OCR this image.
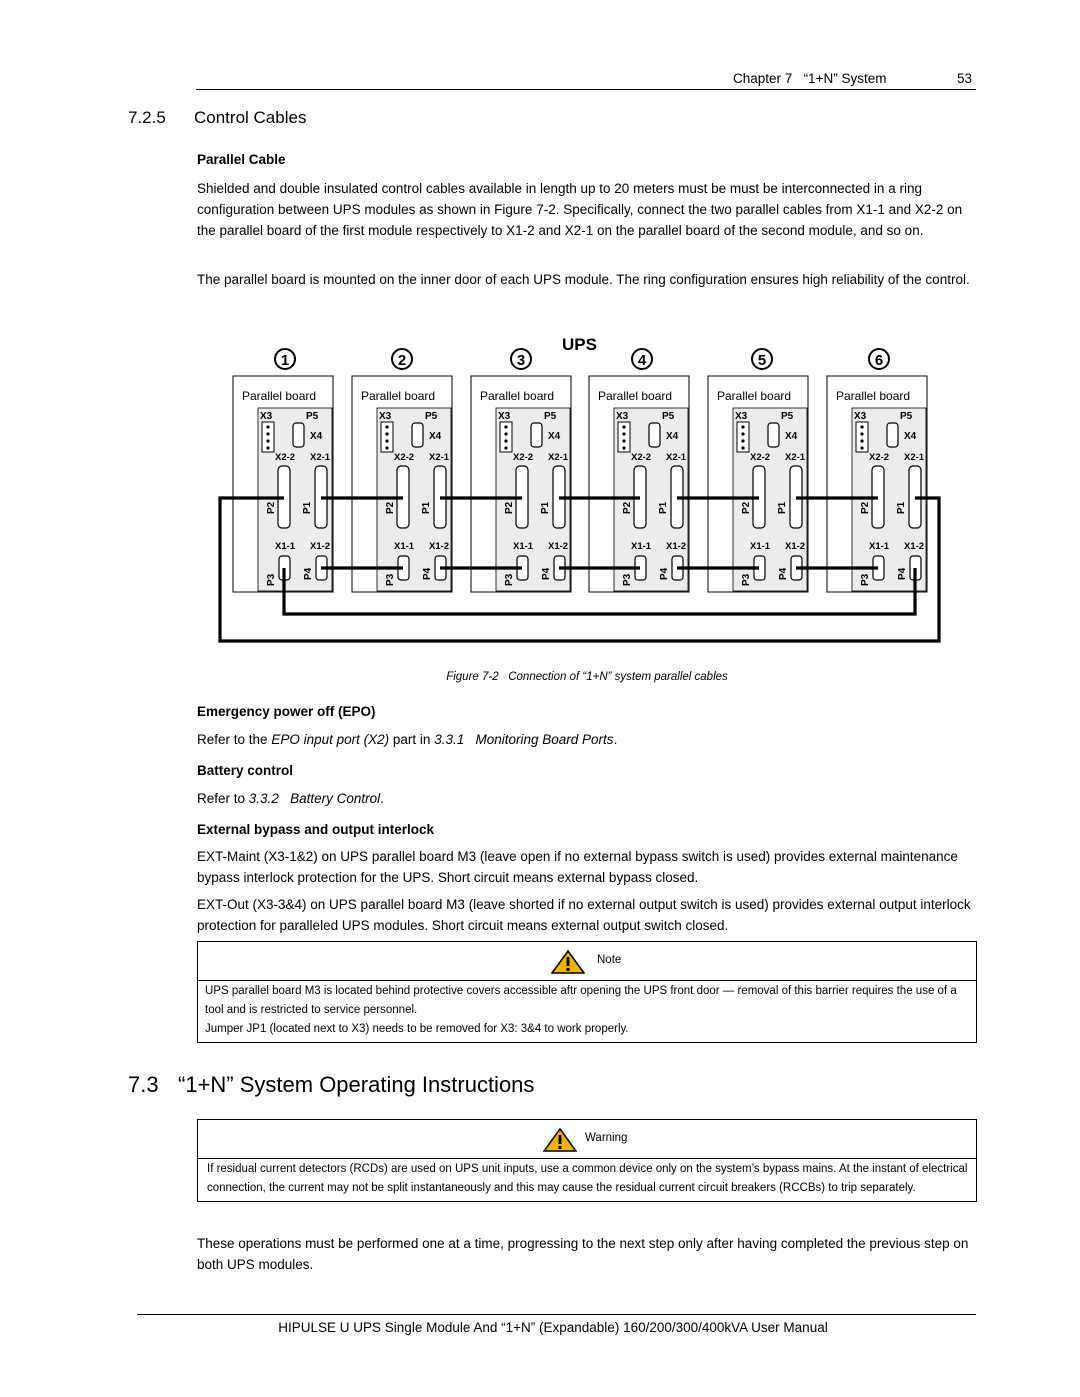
Chapter 7 “1+N” System	53
7.2.5 Control Cables
Parallel Cable
Shielded and double insulated control cables available in length up to 20 meters must be must be interconnected in a ring configuration between UPS modules as shown in Figure 7-2. Specifically, connect the two parallel cables from X1-1 and X2-2 on the parallel board of the first module respectively to X1-2 and X2-1 on the parallel board of the second module, and so on.
The parallel board is mounted on the inner door of each UPS module. The ring configuration ensures high reliability of the control.
UPS
1
Parallel board
X3	P5
X4
X2-2 X2-1
P2	P1
X1-1 X1-2
P3	P4
2
Parallel board
X3	P5
X4
X2-2 X2-1
P2	P1
X1-1 X1-2
P3	P4
3
Parallel board
X3	P5
X4
X2-2 X2-1
P2	P1
X1-1 X1-2
P3	P4
4
Parallel board
X3	P5
X4
X2-2 X2-1
P2	P1
X1-1 X1-2
P3	P4
5
Parallel board
X3	P5
X4
X2-2 X2-1
P2	P1
X1-1 X1-2
P3	P4
6
Parallel board
X3	P5
X4
X2-2 X2-1
P2	P1
X1-1 X1-2
P3	P4
Figure 7-2 Connection of “1+N” system parallel cables
Emergency power off (EPO)
Refer to the EPO input port (X2) part in 3.3.1 Monitoring Board Ports.
Battery control
Refer to 3.3.2 Battery Control.
External bypass and output interlock
EXT-Maint (X3-1&2) on UPS parallel board M3 (leave open if no external bypass switch is used) provides external maintenance bypass interlock protection for the UPS. Short circuit means external bypass closed.
EXT-Out (X3-3&4) on UPS parallel board M3 (leave shorted if no external output switch is used) provides external output interlock protection for paralleled UPS modules. Short circuit means external output switch closed.
Note
UPS parallel board M3 is located behind protective covers accessible aftr opening the UPS front door — removal of this barrier requires the use of a tool and is restricted to service personnel.
Jumper JP1 (located next to X3) needs to be removed for X3: 3&4 to work properly.
7.3 “1+N” System Operating Instructions
Warning
If residual current detectors (RCDs) are used on UPS unit inputs, use a common device only on the system’s bypass mains. At the instant of electrical connection, the current may not be split instantaneously and this may cause the residual current circuit breakers (RCCBs) to trip separately.
These operations must be performed one at a time, progressing to the next step only after having completed the previous step on both UPS modules.
HIPULSE U UPS Single Module And “1+N” (Expandable) 160/200/300/400kVA User Manual
